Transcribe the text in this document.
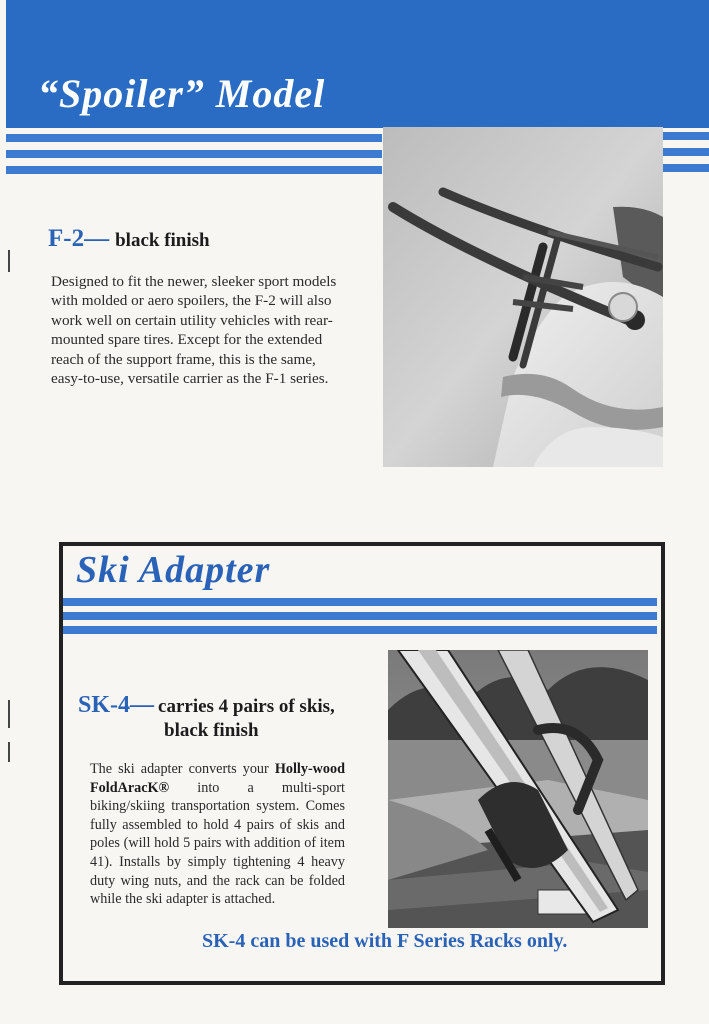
“Spoiler” Model
F-2— black finish
Designed to fit the newer, sleeker sport models with molded or aero spoilers, the F-2 will also work well on certain utility vehicles with rear-mounted spare tires. Except for the extended reach of the support frame, this is the same, easy-to-use, versatile carrier as the F-1 series.
Ski Adapter
SK-4— carries 4 pairs of skis,
black finish
The ski adapter converts your Holly-wood FoldAracK® into a multi-sport biking/skiing transportation system. Comes fully assembled to hold 4 pairs of skis and poles (will hold 5 pairs with addition of item 41). Installs by simply tightening 4 heavy duty wing nuts, and the rack can be folded while the ski adapter is attached.
SK-4 can be used with F Series Racks only.
